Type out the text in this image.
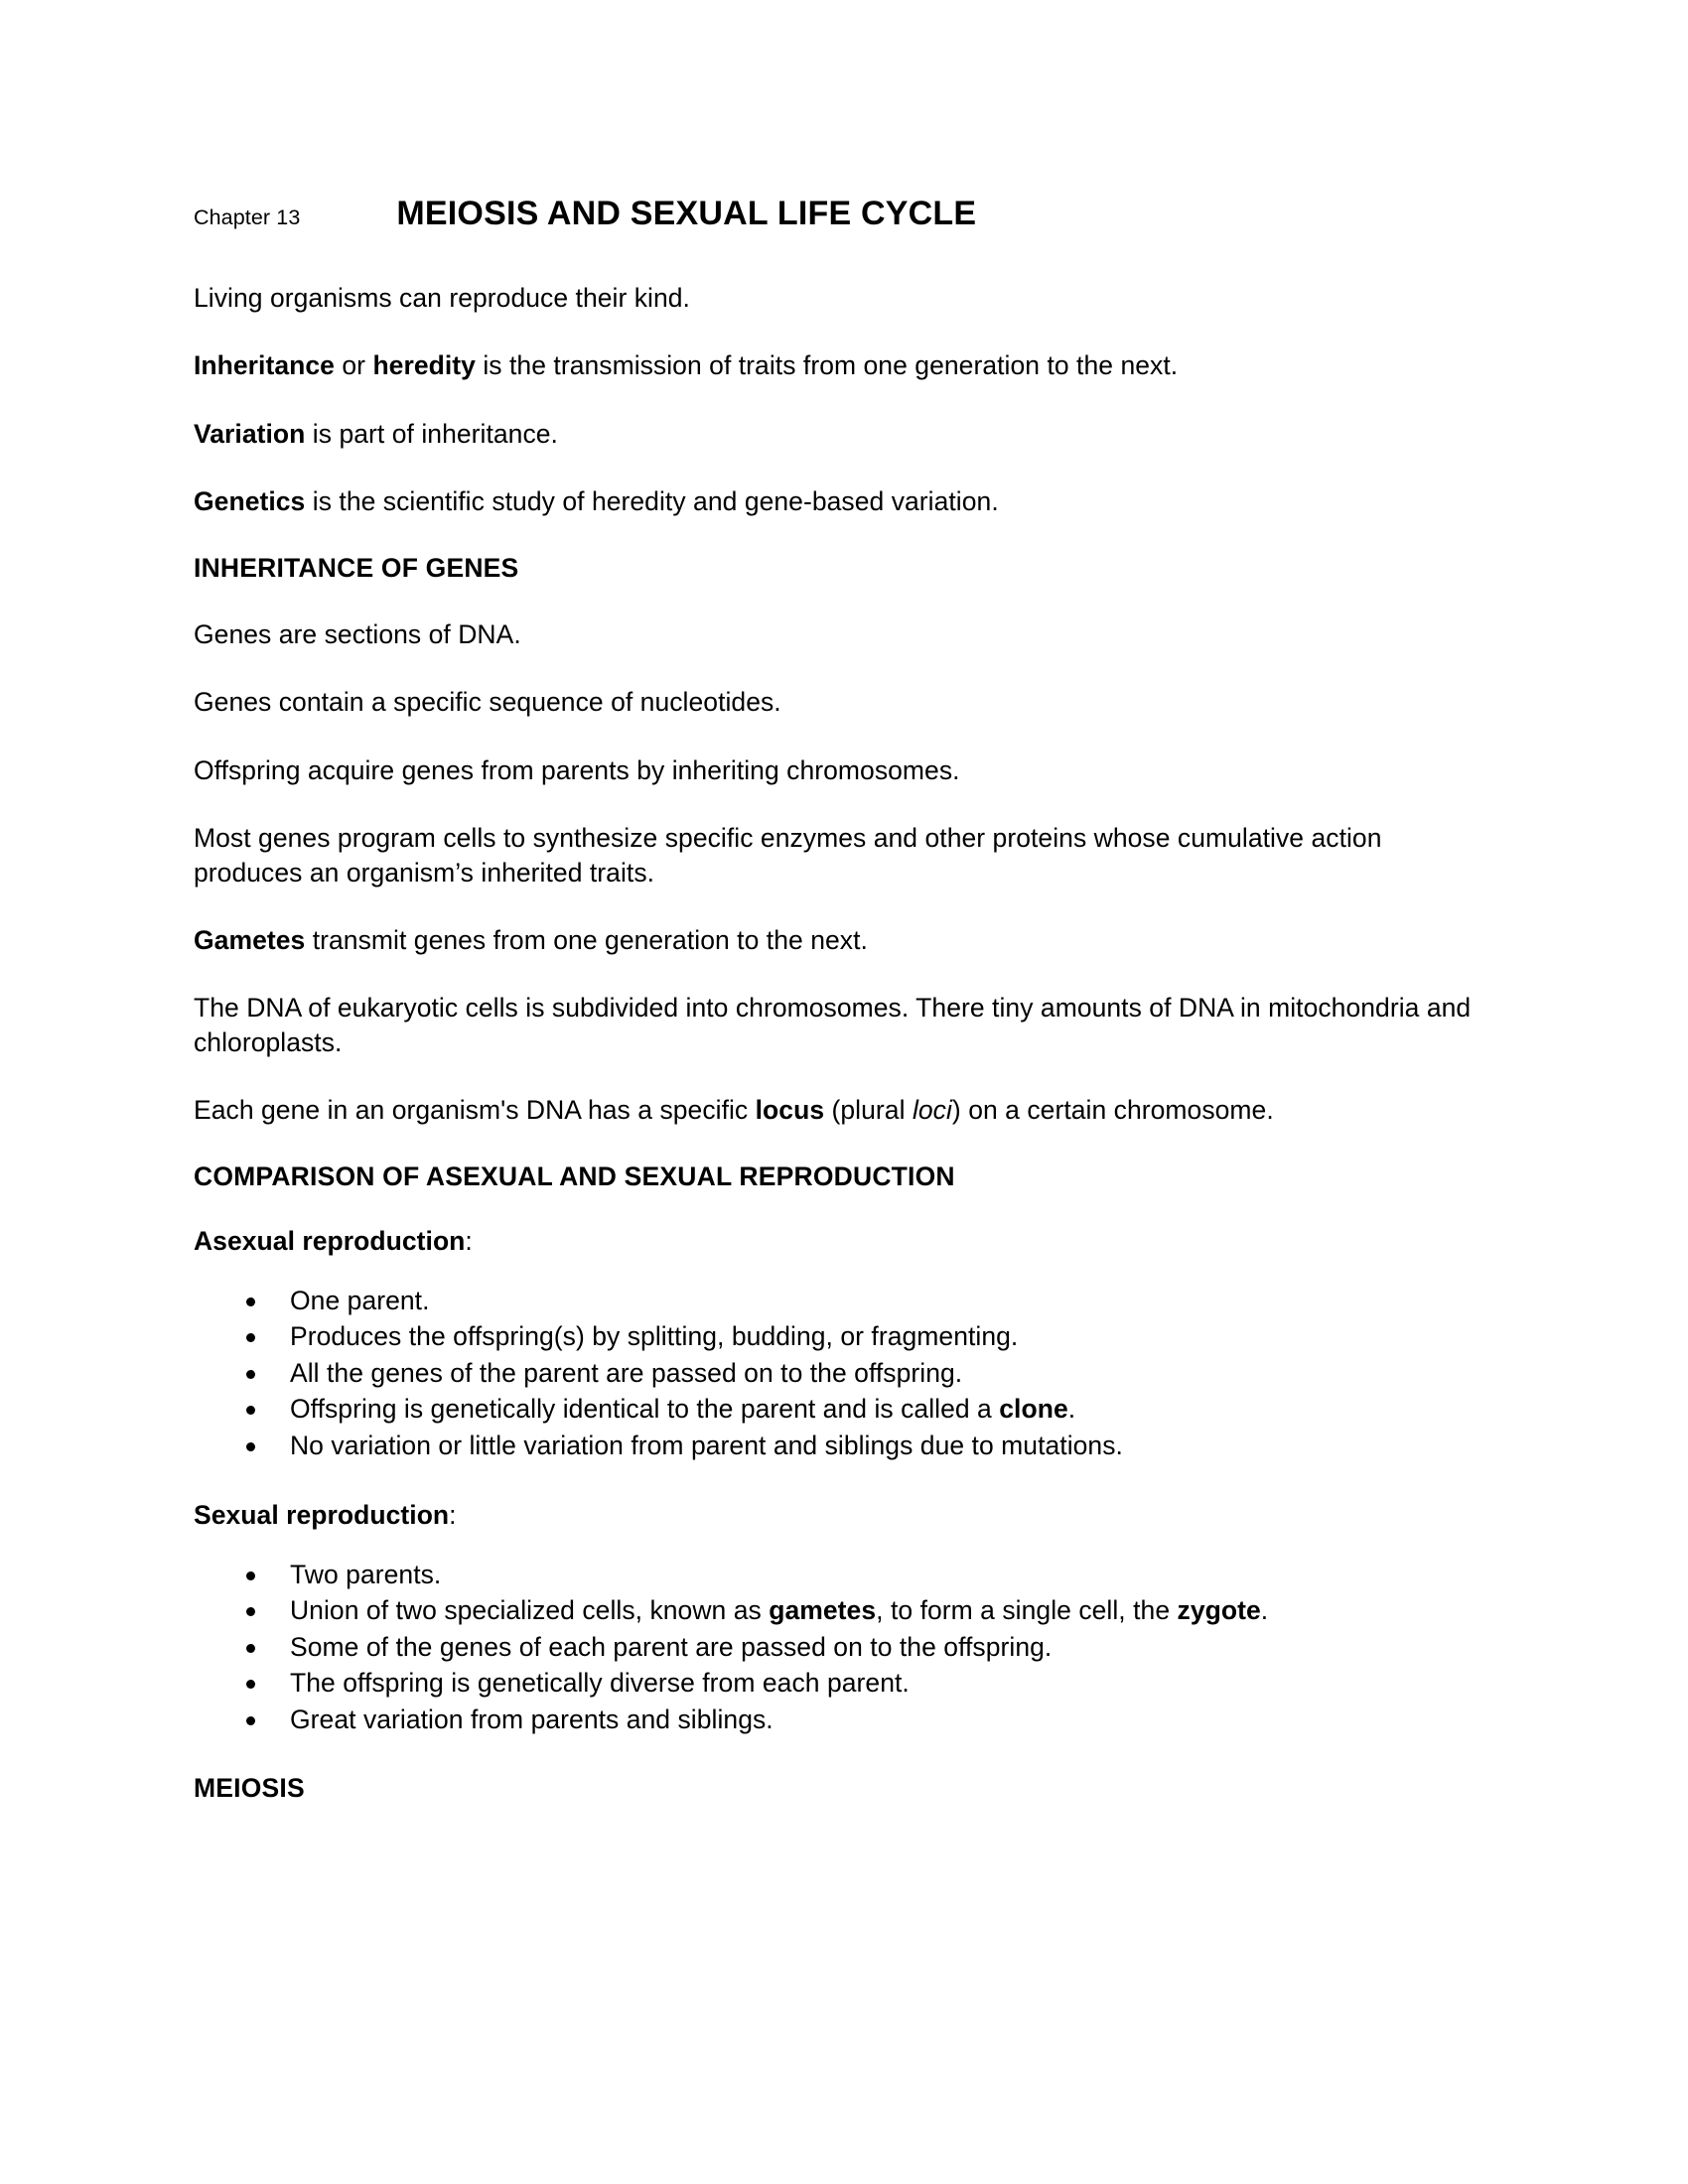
Chapter 13	MEIOSIS AND SEXUAL LIFE CYCLE

Living organisms can reproduce their kind.

Inheritance or heredity is the transmission of traits from one generation to the next.

Variation is part of inheritance.

Genetics is the scientific study of heredity and gene-based variation.

INHERITANCE OF GENES

Genes are sections of DNA.

Genes contain a specific sequence of nucleotides.

Offspring acquire genes from parents by inheriting chromosomes.

Most genes program cells to synthesize specific enzymes and other proteins whose cumulative action produces an organism’s inherited traits.

Gametes transmit genes from one generation to the next.

The DNA of eukaryotic cells is subdivided into chromosomes. There tiny amounts of DNA in mitochondria and chloroplasts.

Each gene in an organism's DNA has a specific locus (plural loci) on a certain chromosome.

COMPARISON OF ASEXUAL AND SEXUAL REPRODUCTION

Asexual reproduction:

One parent.
Produces the offspring(s) by splitting, budding, or fragmenting.
All the genes of the parent are passed on to the offspring.
Offspring is genetically identical to the parent and is called a clone.
No variation or little variation from parent and siblings due to mutations.

Sexual reproduction:

Two parents.
Union of two specialized cells, known as gametes, to form a single cell, the zygote.
Some of the genes of each parent are passed on to the offspring.
The offspring is genetically diverse from each parent.
Great variation from parents and siblings.
MEIOSIS
